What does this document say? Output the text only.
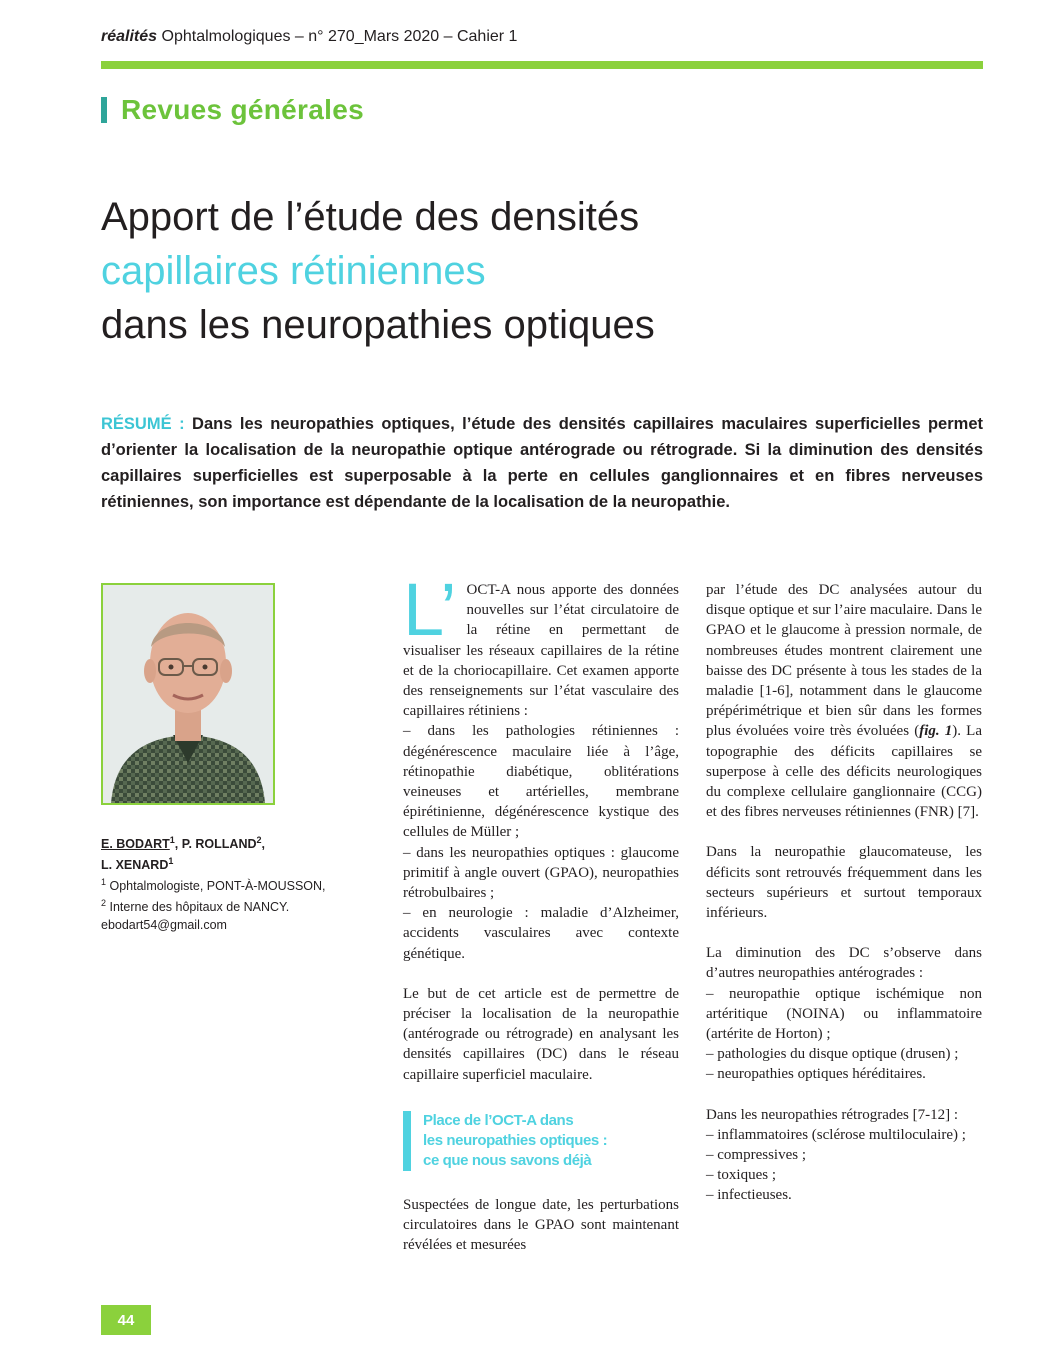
réalités Ophtalmologiques – n° 270_Mars 2020 – Cahier 1
Revues générales
Apport de l’étude des densités
capillaires rétiniennes
dans les neuropathies optiques
RÉSUMÉ : Dans les neuropathies optiques, l’étude des densités capillaires maculaires superficielles permet d’orienter la localisation de la neuropathie optique antérograde ou rétrograde. Si la diminution des densités capillaires superficielles est superposable à la perte en cellules ganglionnaires et en fibres nerveuses rétiniennes, son importance est dépendante de la localisation de la neuropathie.
E. BODART$^1$, P. ROLLAND$^2$,
L. XENARD$^1$
$^1$ Ophtalmologiste, PONT-À-MOUSSON,
$^2$ Interne des hôpitaux de NANCY.
ebodart54@gmail.com

L’ OCT-A nous apporte des données nouvelles sur l’état circulatoire de la rétine en permettant de visualiser les réseaux capillaires de la rétine et de la choriocapillaire. Cet examen apporte des renseignements sur l’état vasculaire des capillaires rétiniens :

– dans les pathologies rétiniennes : dégénérescence maculaire liée à l’âge, rétinopathie diabétique, oblitérations veineuses et artérielles, membrane épirétinienne, dégénérescence kystique des cellules de Müller ;

– dans les neuropathies optiques : glaucome primitif à angle ouvert (GPAO), neuropathies rétrobulbaires ;

– en neurologie : maladie d’Alzheimer, accidents vasculaires avec contexte génétique.

Le but de cet article est de permettre de préciser la localisation de la neuropathie (antérograde ou rétrograde) en analysant les densités capillaires (DC) dans le réseau capillaire superficiel maculaire.

Place de l’OCT-A dans
les neuropathies optiques :
ce que nous savons déjà

Suspectées de longue date, les perturbations circulatoires dans le GPAO sont maintenant révélées et mesurées

par l’étude des DC analysées autour du disque optique et sur l’aire maculaire. Dans le GPAO et le glaucome à pression normale, de nombreuses études montrent clairement une baisse des DC présente à tous les stades de la maladie [1-6], notamment dans le glaucome prépérimétrique et bien sûr dans les formes plus évoluées voire très évoluées (fig. 1). La topographie des déficits capillaires se superpose à celle des déficits neurologiques du complexe cellulaire ganglionnaire (CCG) et des fibres nerveuses rétiniennes (FNR) [7].

Dans la neuropathie glaucomateuse, les déficits sont retrouvés fréquemment dans les secteurs supérieurs et surtout temporaux inférieurs.

La diminution des DC s’observe dans d’autres neuropathies antérogrades :

– neuropathie optique ischémique non artéritique (NOINA) ou inflammatoire (artérite de Horton) ;

– pathologies du disque optique (drusen) ;

– neuropathies optiques héréditaires.

Dans les neuropathies rétrogrades [7-12] :

– inflammatoires (sclérose multiloculaire) ;

– compressives ;

– toxiques ;

– infectieuses.

44
